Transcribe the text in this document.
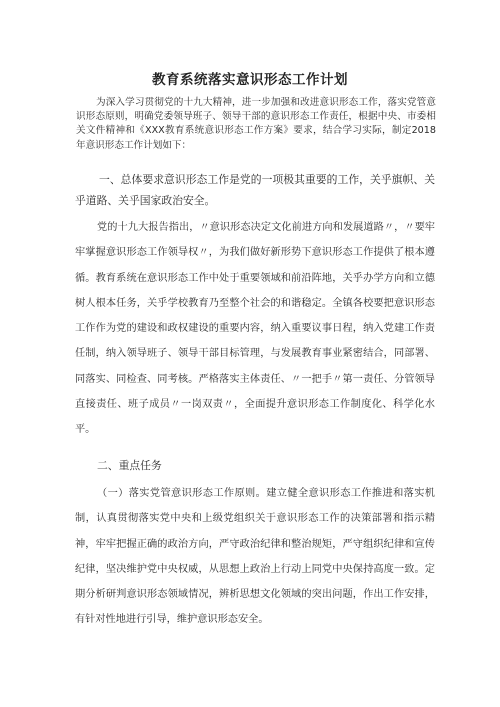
教育系统落实意识形态工作计划

为深入学习贯彻党的十九大精神，进一步加强和改进意识形态工作，落实党管意识形态原则，明确党委领导班子、领导干部的意识形态工作责任，根据中央、市委相关文件精神和《XXX教育系统意识形态工作方案》要求，结合学习实际，制定2018年意识形态工作计划如下：

一、总体要求意识形态工作是党的一项极其重要的工作，关乎旗帜、关乎道路、关乎国家政治安全。

党的十九大报告指出，〃意识形态决定文化前进方向和发展道路〃，〃要牢牢掌握意识形态工作领导权〃，为我们做好新形势下意识形态工作提供了根本遵循。教育系统在意识形态工作中处于重要领域和前沿阵地，关乎办学方向和立德树人根本任务，关乎学校教育乃至整个社会的和谐稳定。全镇各校要把意识形态工作作为党的建设和政权建设的重要内容，纳入重要议事日程，纳入党建工作责任制，纳入领导班子、领导干部目标管理，与发展教育事业紧密结合，同部署、同落实、同检查、同考核。严格落实主体责任、〃一把手〃第一责任、分管领导直接责任、班子成员〃一岗双责〃，全面提升意识形态工作制度化、科学化水平。

二、重点任务

（一）落实党管意识形态工作原则。建立健全意识形态工作推进和落实机制，认真贯彻落实党中央和上级党组织关于意识形态工作的决策部署和指示精神，牢牢把握正确的政治方向，严守政治纪律和整治规矩，严守组织纪律和宣传纪律，坚决维护党中央权威，从思想上政治上行动上同党中央保持高度一致。定期分析研判意识形态领域情况，辨析思想文化领域的突出问题，作出工作安排，有针对性地进行引导，维护意识形态安全。
